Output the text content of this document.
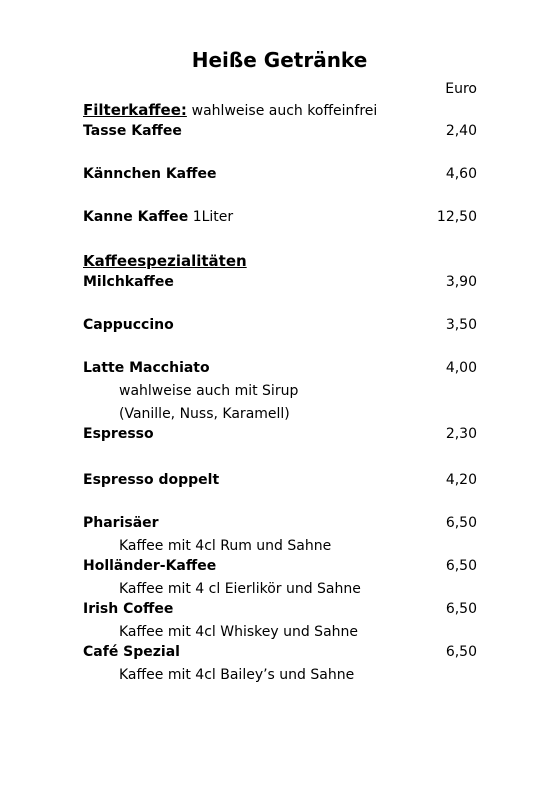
Heiße Getränke
Euro
Filterkaffee: wahlweise auch koffeinfrei
Tasse Kaffee	2,40
Kännchen Kaffee	4,60
Kanne Kaffee 1Liter	12,50
Kaffeespezialitäten
Milchkaffee	3,90
Cappuccino	3,50
Latte Macchiato	4,00
wahlweise auch mit Sirup
(Vanille, Nuss, Karamell)
Espresso	2,30
Espresso doppelt	4,20
Pharisäer	6,50
Kaffee mit 4cl Rum und Sahne
Holländer-Kaffee	6,50
Kaffee mit 4 cl Eierlikör und Sahne
Irish Coffee	6,50
Kaffee mit 4cl Whiskey und Sahne
Café Spezial	6,50
Kaffee mit 4cl Bailey’s und Sahne
